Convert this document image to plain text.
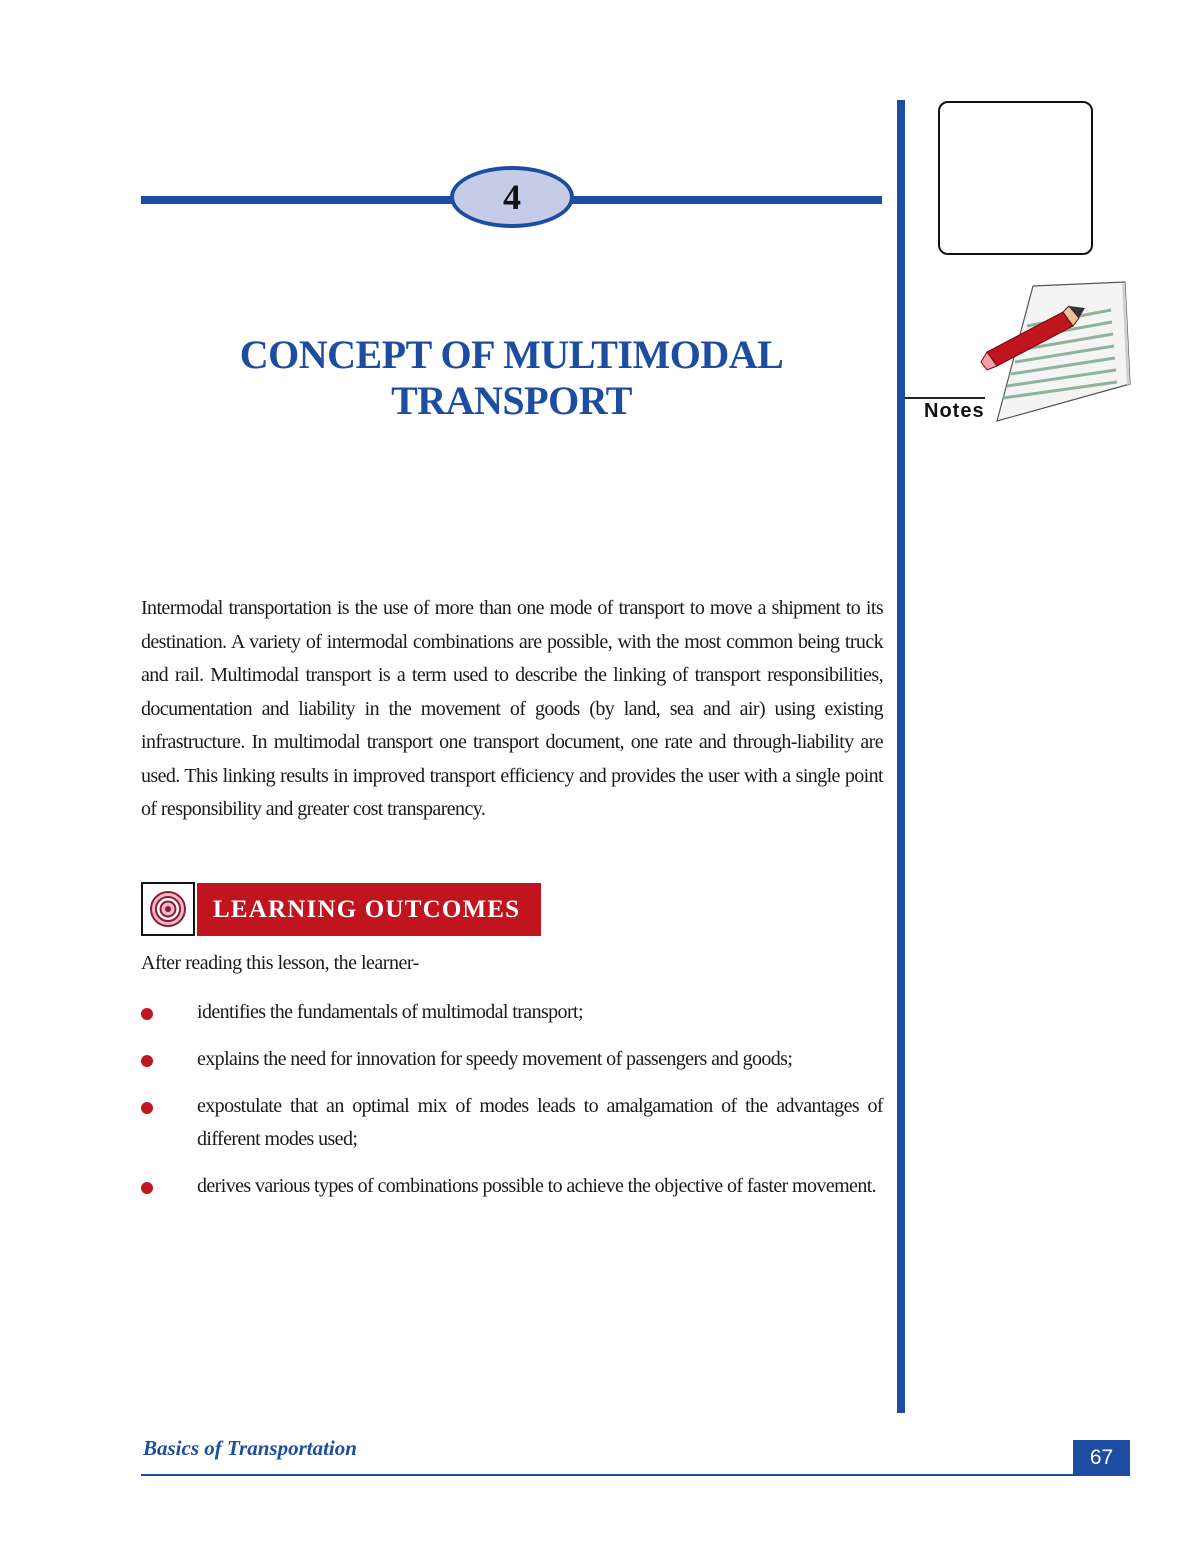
4
CONCEPT OF MULTIMODAL
TRANSPORT	Notes

Intermodal transportation is the use of more than one mode of transport to move a shipment to its destination. A variety of intermodal combinations are possible, with the most common being truck and rail. Multimodal transport is a term used to describe the linking of transport responsibilities, documentation and liability in the movement of goods (by land, sea and air) using existing infrastructure. In multimodal transport one transport document, one rate and through-liability are used. This linking results in improved transport efficiency and provides the user with a single point of responsibility and greater cost transparency.

LEARNING OUTCOMES
After reading this lesson, the learner-
identifies the fundamentals of multimodal transport;
explains the need for innovation for speedy movement of passengers and goods;
expostulate that an optimal mix of modes leads to amalgamation of the advantages of different modes used;
derives various types of combinations possible to achieve the objective of faster movement.
Basics of Transportation	67
